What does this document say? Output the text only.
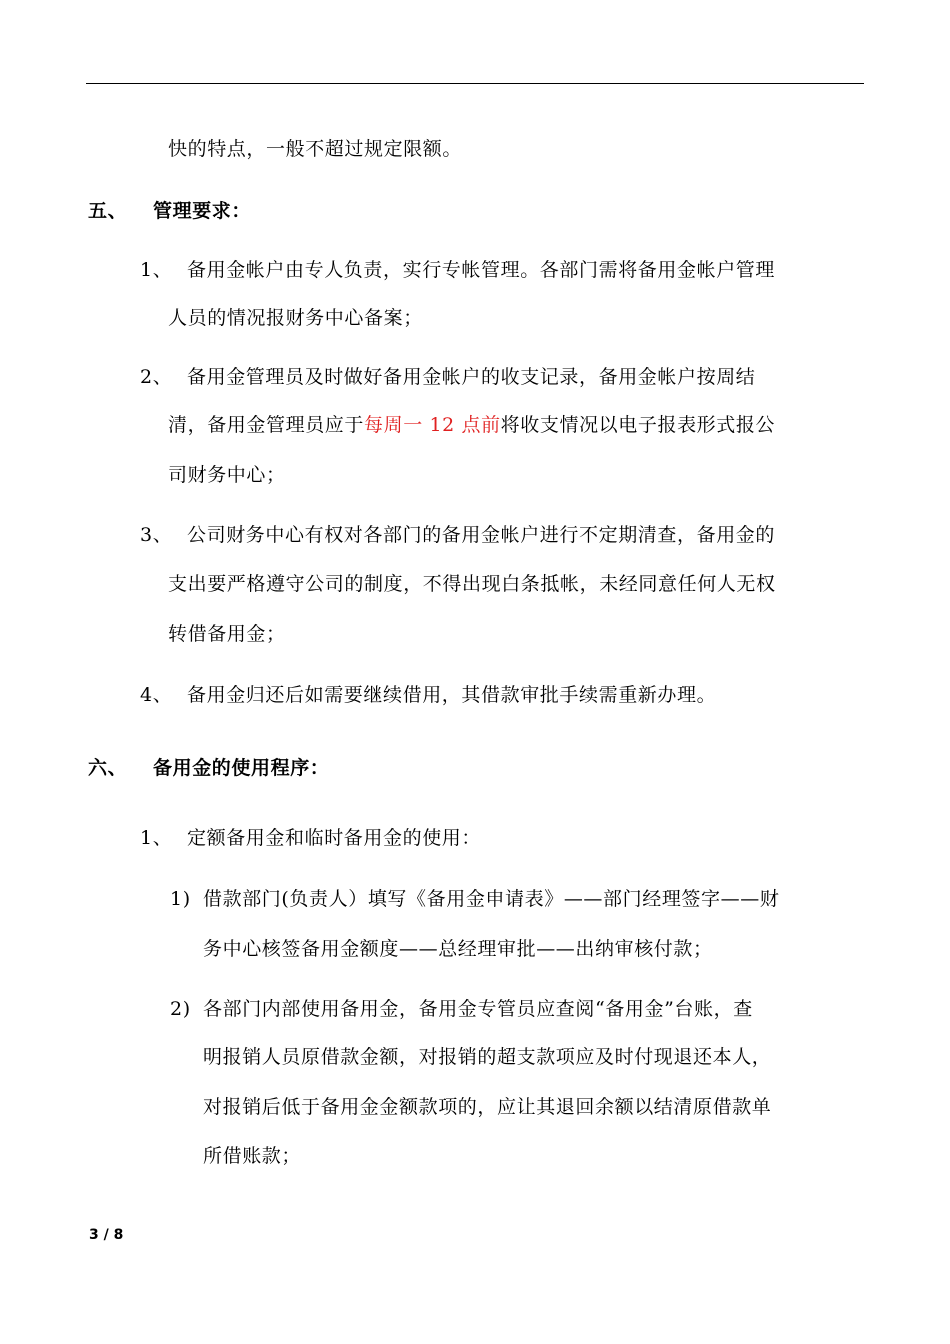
快的特点，一般不超过规定限额。
五、 管理要求：
1、 备用金帐户由专人负责，实行专帐管理。各部门需将备用金帐户管理
人员的情况报财务中心备案；
2、 备用金管理员及时做好备用金帐户的收支记录，备用金帐户按周结
清，备用金管理员应于每周一 12 点前将收支情况以电子报表形式报公
司财务中心；
3、 公司财务中心有权对各部门的备用金帐户进行不定期清查，备用金的
支出要严格遵守公司的制度，不得出现白条抵帐，未经同意任何人无权
转借备用金；
4、 备用金归还后如需要继续借用，其借款审批手续需重新办理。
六、 备用金的使用程序：
1、 定额备用金和临时备用金的使用：
1) 借款部门(负责人）填写《备用金申请表》——部门经理签字——财
务中心核签备用金额度——总经理审批——出纳审核付款；
2) 各部门内部使用备用金，备用金专管员应查阅“备用金”台账，查
明报销人员原借款金额，对报销的超支款项应及时付现退还本人，
对报销后低于备用金金额款项的，应让其退回余额以结清原借款单
所借账款；
3 / 8
